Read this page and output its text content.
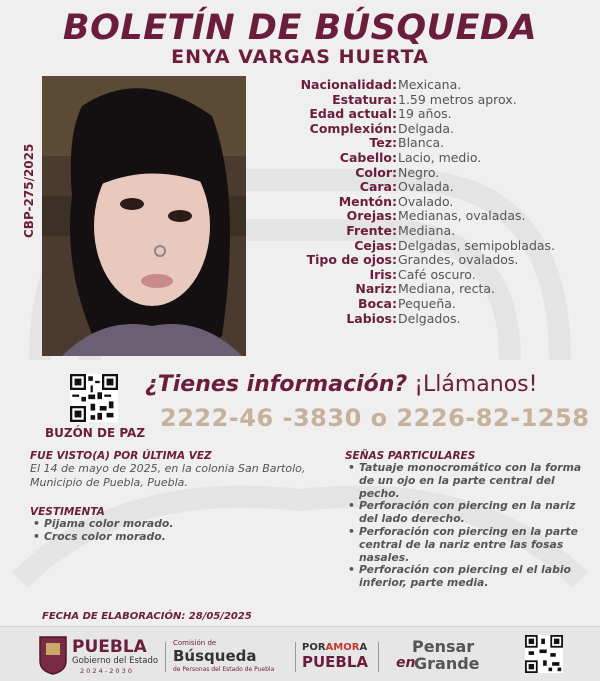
BOLETÍN DE BÚSQUEDA
ENYA VARGAS HUERTA
CBP-275/2025
Nacionalidad: Mexicana.
Estatura: 1.59 metros aprox.
Edad actual: 19 años.
Complexión: Delgada.
Tez: Blanca.
Cabello: Lacio, medio.
Color: Negro.
Cara: Ovalada.
Mentón: Ovalado.
Orejas: Medianas, ovaladas.
Frente: Mediana.
Cejas: Delgadas, semipobladas.
Tipo de ojos: Grandes, ovalados.
Iris: Café oscuro.
Nariz: Mediana, recta.
Boca: Pequeña.
Labios: Delgados.
BUZÓN DE PAZ
¿Tienes información? ¡Llámanos!
2222-46 -3830 o 2226-82-1258
FUE VISTO(A) POR ÚLTIMA VEZ
El 14 de mayo de 2025, en la colonia San Bartolo, Municipio de Puebla, Puebla.
VESTIMENTA
• Pijama color morado.
• Crocs color morado.
SEÑAS PARTICULARES
• Tatuaje monocromático con la forma de un ojo en la parte central del pecho.
• Perforación con piercing en la nariz del lado derecho.
• Perforación con piercing en la parte central de la nariz entre las fosas nasales.
• Perforación con piercing el el labio inferior, parte media.
FECHA DE ELABORACIÓN: 28/05/2025
PUEBLA
Gobierno del Estado
2 0 2 4 - 2 0 3 0
Comisión de
Búsqueda
de Personas del Estado de Puebla
PORAMORA
PUEBLA
Pensar
en
Grande
